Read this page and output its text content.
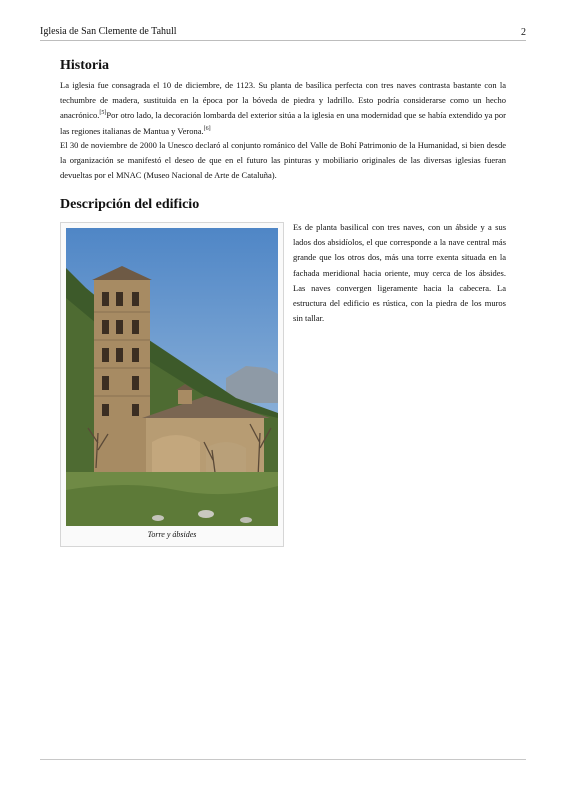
Iglesia de San Clemente de Tahull	2
Historia

La iglesia fue consagrada el 10 de diciembre, de 1123. Su planta de basílica perfecta con tres naves contrasta bastante con la techumbre de madera, sustituida en la época por la bóveda de piedra y ladrillo. Esto podría considerarse como un hecho anacrónico.[5]Por otro lado, la decoración lombarda del exterior sitúa a la iglesia en una modernidad que se había extendido ya por las regiones italianas de Mantua y Verona.[6]

El 30 de noviembre de 2000 la Unesco declaró al conjunto románico del Valle de Bohí Patrimonio de la Humanidad, si bien desde la organización se manifestó el deseo de que en el futuro las pinturas y mobiliario originales de las diversas iglesias fueran devueltas por el MNAC (Museo Nacional de Arte de Cataluña).

Descripción del edificio
Torre y ábsides

Es de planta basilical con tres naves, con un ábside y a sus lados dos absidíolos, el que corresponde a la nave central más grande que los otros dos, más una torre exenta situada en la fachada meridional hacia oriente, muy cerca de los ábsides. Las naves convergen ligeramente hacia la cabecera. La estructura del edificio es rústica, con la piedra de los muros sin tallar.
